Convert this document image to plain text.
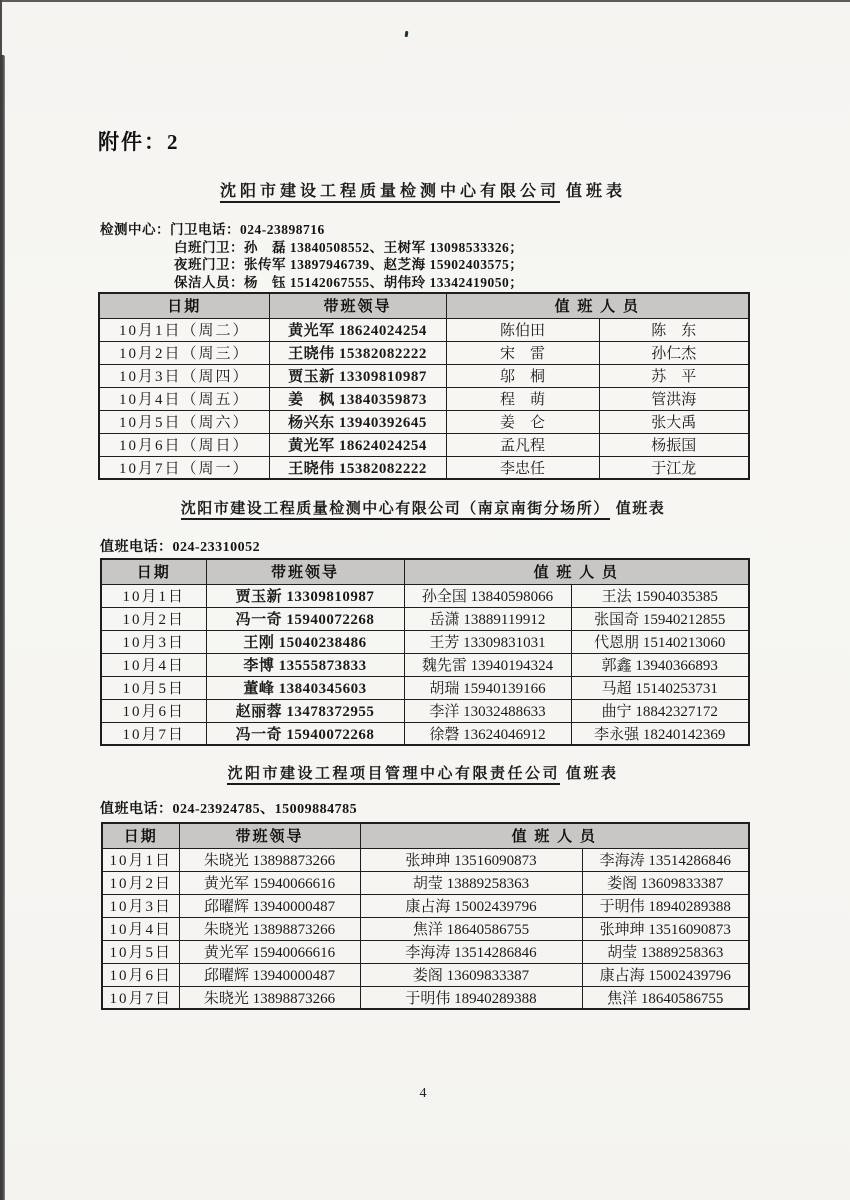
附件：2
沈阳市建设工程质量检测中心有限公司 值班表
检测中心：门卫电话：024-23898716
白班门卫：孙　磊 13840508552、王树军 13098533326；
夜班门卫：张传军 13897946739、赵芝海 15902403575；
保洁人员：杨　钰 15142067555、胡伟玲 13342419050；
日期	带班领导	值 班 人 员	
10月1日（周二）	黄光军 18624024254	陈伯田	陈　东
10月2日（周三）	王晓伟 15382082222	宋　雷	孙仁杰
10月3日（周四）	贾玉新 13309810987	邬　桐	苏　平
10月4日（周五）	姜　枫 13840359873	程　萌	管洪海
10月5日（周六）	杨兴东 13940392645	姜　仑	张大禹
10月6日（周日）	黄光军 18624024254	孟凡程	杨振国
10月7日（周一）	王晓伟 15382082222	李忠任	于江龙
沈阳市建设工程质量检测中心有限公司（南京南街分场所） 值班表
值班电话：024-23310052
日期	带班领导	值 班 人 员	
10月1日	贾玉新 13309810987	孙全国 13840598066	王法 15904035385
10月2日	冯一奇 15940072268	岳潇 13889119912	张国奇 15940212855
10月3日	王刚 15040238486	王芳 13309831031	代恩朋 15140213060
10月4日	李博 13555873833	魏先雷 13940194324	郭鑫 13940366893
10月5日	董峰 13840345603	胡瑞 15940139166	马超 15140253731
10月6日	赵丽蓉 13478372955	李洋 13032488633	曲宁 18842327172
10月7日	冯一奇 15940072268	徐磬 13624046912	李永强 18240142369
沈阳市建设工程项目管理中心有限责任公司 值班表
值班电话：024-23924785、15009884785
日期	带班领导	值 班 人 员	
10月1日	朱晓光 13898873266	张珅珅 13516090873	李海涛 13514286846
10月2日	黄光军 15940066616	胡莹 13889258363	娄阁 13609833387
10月3日	邱曜辉 13940000487	康占海 15002439796	于明伟 18940289388
10月4日	朱晓光 13898873266	焦洋 18640586755	张珅珅 13516090873
10月5日	黄光军 15940066616	李海涛 13514286846	胡莹 13889258363
10月6日	邱曜辉 13940000487	娄阁 13609833387	康占海 15002439796
10月7日	朱晓光 13898873266	于明伟 18940289388	焦洋 18640586755
4
